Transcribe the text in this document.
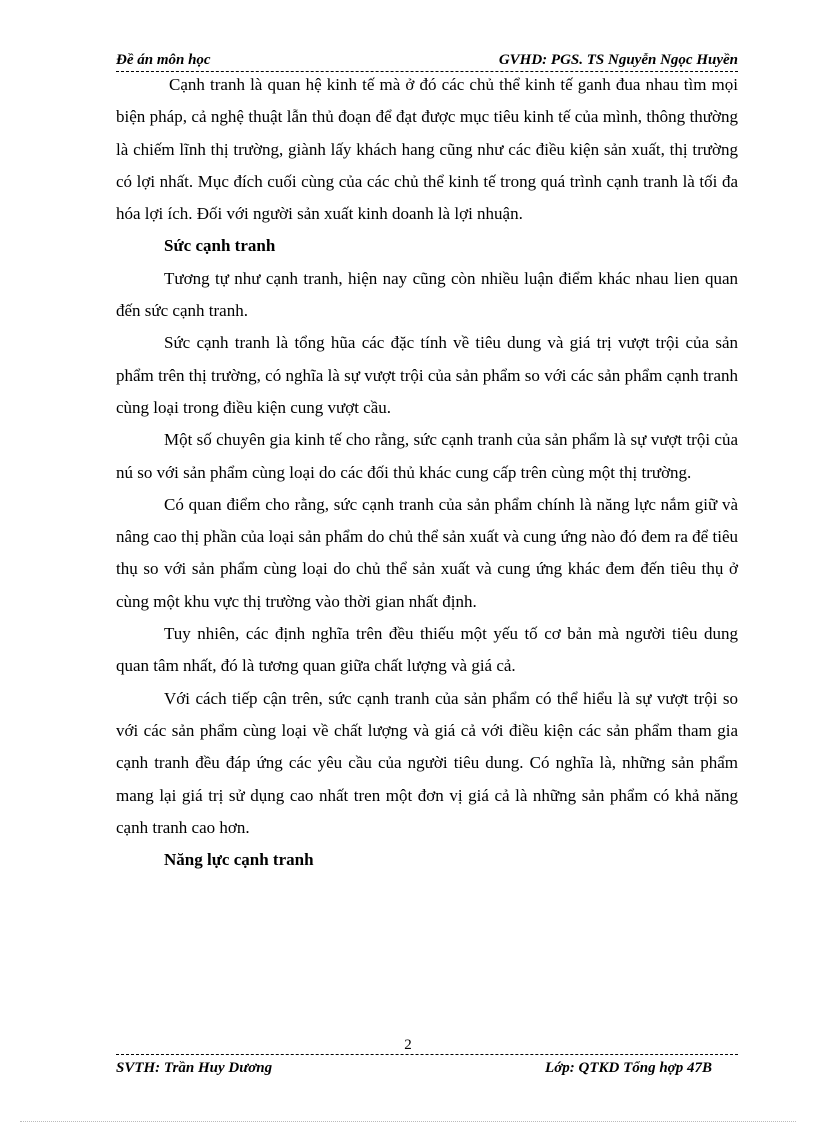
Đề án môn học	GVHD: PGS. TS Nguyễn Ngọc Huyền

Cạnh tranh là quan hệ kinh tế mà ở đó các chủ thể kinh tế ganh đua nhau tìm mọi biện pháp, cả nghệ thuật lẫn thủ đoạn để đạt được mục tiêu kinh tế của mình, thông thường là chiếm lĩnh thị trường, giành lấy khách hang cũng như các điều kiện sản xuất, thị trường có lợi nhất. Mục đích cuối cùng của các chủ thể kinh tế trong quá trình cạnh tranh là tối đa hóa lợi ích. Đối với người sản xuất kinh doanh là lợi nhuận.

Sức cạnh tranh

Tương tự như cạnh tranh, hiện nay cũng còn nhiều luận điểm khác nhau lien quan đến sức cạnh tranh.

Sức cạnh tranh là tổng hũa các đặc tính về tiêu dung và giá trị vượt trội của sản phẩm trên thị trường, có nghĩa là sự vượt trội của sản phẩm so với các sản phẩm cạnh tranh cùng loại trong điều kiện cung vượt cầu.

Một số chuyên gia kinh tế cho rằng, sức cạnh tranh của sản phẩm là sự vượt trội của nú so với sản phẩm cùng loại do các đối thủ khác cung cấp trên cùng một thị trường.

Có quan điểm cho rằng, sức cạnh tranh của sản phẩm chính là năng lực nắm giữ và nâng cao thị phần của loại sản phẩm do chủ thể sản xuất và cung ứng nào đó đem ra để tiêu thụ so với sản phẩm cùng loại do chủ thể sản xuất và cung ứng khác đem đến tiêu thụ ở cùng một khu vực thị trường vào thời gian nhất định.

Tuy nhiên, các định nghĩa trên đều thiếu một yếu tố cơ bản mà người tiêu dung quan tâm nhất, đó là tương quan giữa chất lượng và giá cả.

Với cách tiếp cận trên, sức cạnh tranh của sản phẩm có thể hiểu là sự vượt trội so với các sản phẩm cùng loại về chất lượng và giá cả với điều kiện các sản phẩm tham gia cạnh tranh đều đáp ứng các yêu cầu của người tiêu dung. Có nghĩa là, những sản phẩm mang lại giá trị sử dụng cao nhất tren một đơn vị giá cả là những sản phẩm có khả năng cạnh tranh cao hơn.

Năng lực cạnh tranh

2
SVTH: Trần Huy Dương	Lớp: QTKD Tổng hợp 47B
